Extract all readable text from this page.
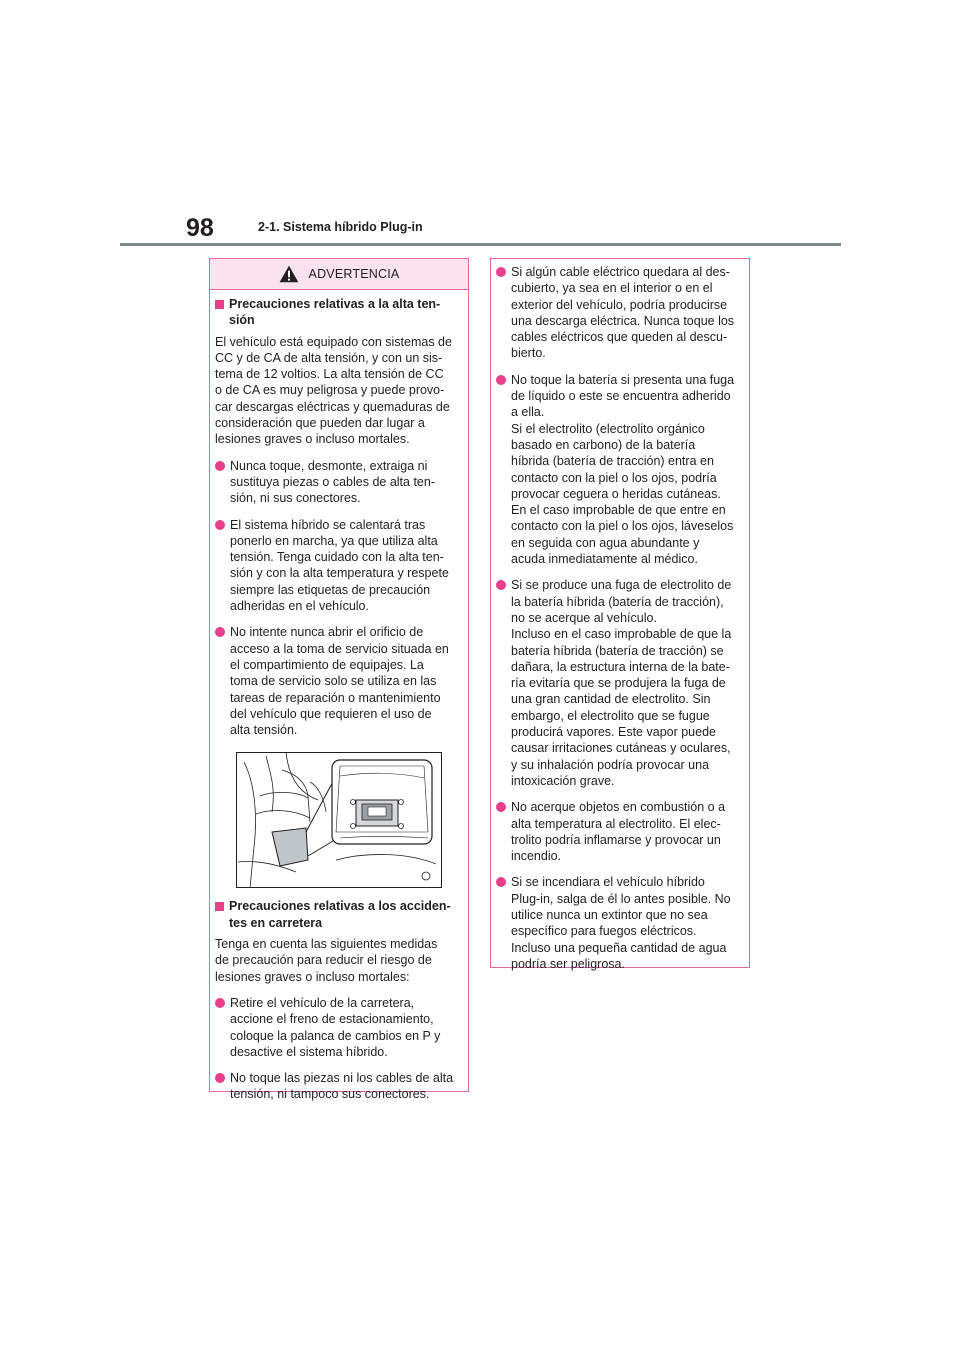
98	2-1. Sistema híbrido Plug-in
ADVERTENCIA
Precauciones relativas a la alta ten-
sión
El vehículo está equipado con sistemas de
CC y de CA de alta tensión, y con un sis-
tema de 12 voltios. La alta tensión de CC
o de CA es muy peligrosa y puede provo-
car descargas eléctricas y quemaduras de
consideración que pueden dar lugar a
lesiones graves o incluso mortales.
Nunca toque, desmonte, extraiga ni
sustituya piezas o cables de alta ten-
sión, ni sus conectores.
El sistema híbrido se calentará tras
ponerlo en marcha, ya que utiliza alta
tensión. Tenga cuidado con la alta ten-
sión y con la alta temperatura y respete
siempre las etiquetas de precaución
adheridas en el vehículo.
No intente nunca abrir el orificio de
acceso a la toma de servicio situada en
el compartimiento de equipajes. La
toma de servicio solo se utiliza en las
tareas de reparación o mantenimiento
del vehículo que requieren el uso de
alta tensión.
Precauciones relativas a los acciden-
tes en carretera
Tenga en cuenta las siguientes medidas
de precaución para reducir el riesgo de
lesiones graves o incluso mortales:
Retire el vehículo de la carretera,
accione el freno de estacionamiento,
coloque la palanca de cambios en P y
desactive el sistema híbrido.
No toque las piezas ni los cables de alta
tensión, ni tampoco sus conectores.
Si algún cable eléctrico quedara al des-
cubierto, ya sea en el interior o en el
exterior del vehículo, podría producirse
una descarga eléctrica. Nunca toque los
cables eléctricos que queden al descu-
bierto.
No toque la batería si presenta una fuga
de líquido o este se encuentra adherido
a ella.
Si el electrolito (electrolito orgánico
basado en carbono) de la batería
híbrida (batería de tracción) entra en
contacto con la piel o los ojos, podría
provocar ceguera o heridas cutáneas.
En el caso improbable de que entre en
contacto con la piel o los ojos, láveselos
en seguida con agua abundante y
acuda inmediatamente al médico.
Si se produce una fuga de electrolito de
la batería híbrida (batería de tracción),
no se acerque al vehículo.
Incluso en el caso improbable de que la
batería híbrida (batería de tracción) se
dañara, la estructura interna de la bate-
ría evitaría que se produjera la fuga de
una gran cantidad de electrolito. Sin
embargo, el electrolito que se fugue
producirá vapores. Este vapor puede
causar irritaciones cutáneas y oculares,
y su inhalación podría provocar una
intoxicación grave.
No acerque objetos en combustión o a
alta temperatura al electrolito. El elec-
trolito podría inflamarse y provocar un
incendio.
Si se incendiara el vehículo híbrido
Plug-in, salga de él lo antes posible. No
utilice nunca un extintor que no sea
específico para fuegos eléctricos.
Incluso una pequeña cantidad de agua
podría ser peligrosa.
